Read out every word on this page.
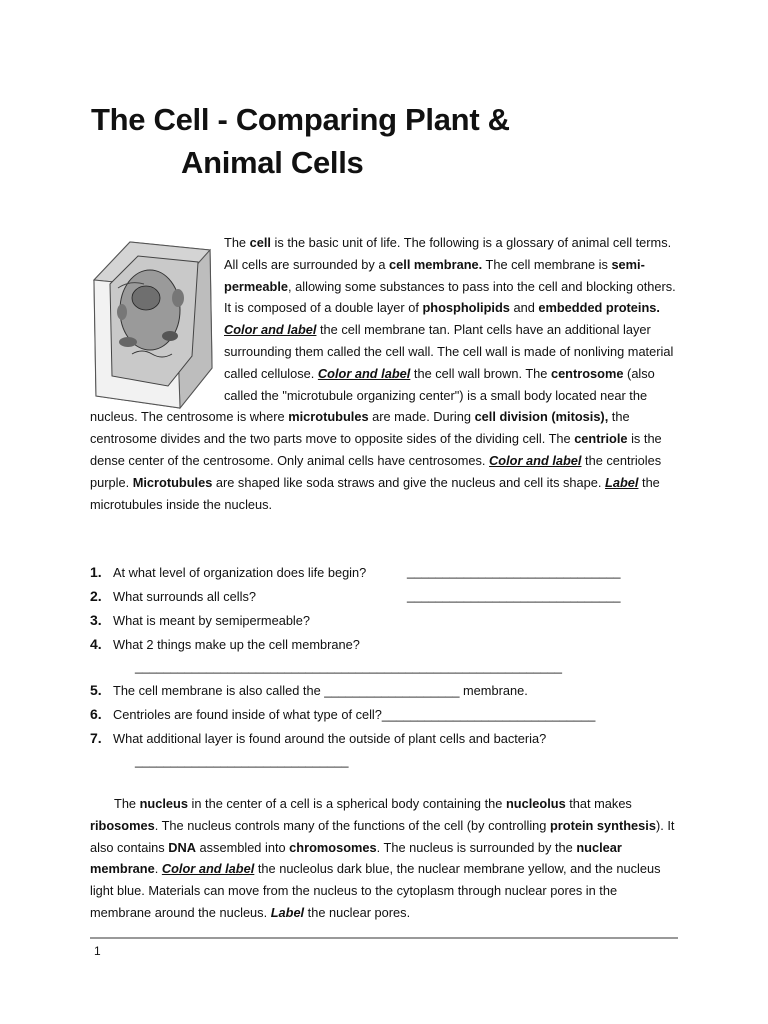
The Cell - Comparing Plant &
Animal Cells
The cell is the basic unit of life. The following is a glossary of animal cell terms. All cells are surrounded by a cell membrane. The cell membrane is semi-permeable, allowing some substances to pass into the cell and blocking others. It is composed of a double layer of phospholipids and embedded proteins. Color and label the cell membrane tan. Plant cells have an additional layer surrounding them called the cell wall. The cell wall is made of nonliving material called cellulose. Color and label the cell wall brown. The centrosome (also called the "microtubule organizing center") is a small body located near the nucleus. The centrosome is where microtubules are made. During cell division (mitosis), the centrosome divides and the two parts move to opposite sides of the dividing cell. The centriole is the dense center of the centrosome. Only animal cells have centrosomes. Color and label the centrioles purple. Microtubules are shaped like soda straws and give the nucleus and cell its shape. Label the microtubules inside the nucleus.
1. At what level of organization does life begin?	______________________________
2. What surrounds all cells?	______________________________
3. What is meant by semipermeable?
4. What 2 things make up the cell membrane?
____________________________________________________________
5. The cell membrane is also called the ___________________ membrane.
6. Centrioles are found inside of what type of cell?______________________________
7. What additional layer is found around the outside of plant cells and bacteria?
______________________________
The nucleus in the center of a cell is a spherical body containing the nucleolus that makes ribosomes. The nucleus controls many of the functions of the cell (by controlling protein synthesis). It also contains DNA assembled into chromosomes. The nucleus is surrounded by the nuclear membrane. Color and label the nucleolus dark blue, the nuclear membrane yellow, and the nucleus light blue. Materials can move from the nucleus to the cytoplasm through nuclear pores in the membrane around the nucleus. Label the nuclear pores.
1
